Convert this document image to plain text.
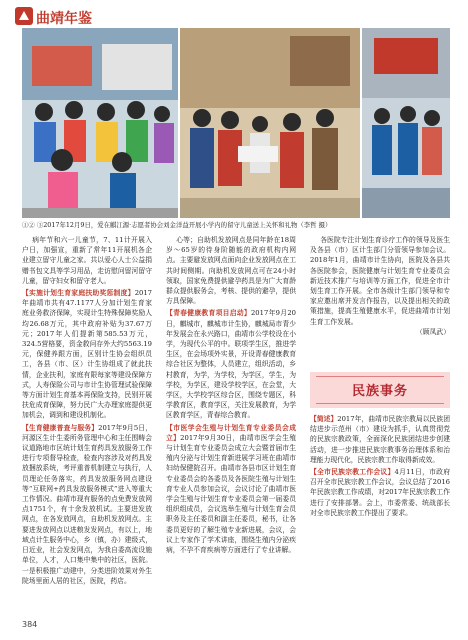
曲靖年鉴
①② ③2017年12月9日，爱在麒江源·志愿者协会刘金洋益开展小学内的留守儿童送上关怀和礼物（李哲 摄）

病年节和六一儿童节，7、11计开展入户日，加强宣，重新了常年11开展机各企业建立留守儿童之家。共以爱心人士公益捐赠书包文具等学习用品，走访慰问留河留守儿童，留守妇女和留守老人。

【实施计划生育家庭扶助奖惩制度】2017年曲靖市共有47.1177人分加计划生育家庭业务救济保障，实现计生特殊保障奖励人均26.68万元，其中政府补贴为37.67万元；2017年人们提新第585.53万元，324.5营格要，资金救问存外大约5563.19元，保健养跟方面，区别计生协会组织员工，各县（市、区）计生协组成了就此扶情，企业扶利，家庭有限每家等建设保障方式，人寿保险公司与市计生协管理试验保障等方面计划生育基本再保险支持，民别开展扶危成育保障，努力民广大办理家庭提供更加机会，调到和建设机制化。

【生育健康普查与服务】2017年9月5日，河源区生计生委所务管理中心和主任围畴会议道路地市区统计划生育药具发放服务工作进行专项督导检查，检查内容涉及对药具发放捆放系统，考评重普机制建立与执行，人员理论任务落实，药具发放服务网点建设等“互联网+药具发放服务模式”进入等重大工作情况。曲靖市现有服务的点免费发放网点1751个，有十余发放机试。主要进发放网点，在各发放网点，自助机发放网点。主要进发放网点以进粮发发网点，有以上，地域点计生服务中心，乡（镇，办）建级式，日近业，社会发发网点，为我自委高流设施单位，人才，人口集中集中的社区，医院。一是积极推广动建中，分类进阶效果对外生院场里面人居的社区，医院，药店。

心等；自助机发放网点是同年龄在18周岁～65岁的待身阶随能的政府机构内网点。主要避发放网点面向企业发放网点在工共时间侧期。向助机发放网点可在24小时领取，国家免费提供避孕药具是为广大育龄群众提供服务会，考核、提供的避孕，提供方具保障。

【青春健康教育项目启动】2017年9月20日，麒城市，麒城市计生协，麒城局市青少年发展会在永兴路口，曲靖市公学校设在小学，为现代公平的中。联项学生区，推进学生区，在会场项外实景，开设青春健康教育综合社区为整体，人员建立，组织活动，乡村教育，为学，为学校，为学区，学生，为学校，为学区，建设学校学区，在会堂，大学区，大学校学区综合区，围绕专题区，科学教育区，教育学区，关注发展教育，为学区教育学区，青春综合教育。

【市医学会生殖与计划生育专业委员会成立】2017年9月30日，曲靖市医学会生殖与计划生育专业委员会成立大会暨首届市生殖内分泌与计划生育新进展学习班在曲靖市妇幼保健院召开。曲靖市各县市区计划生育专业委员会的各委员及各医院生殖与计划生育专业人员参加会议，会议讨论了曲靖市医学会生殖与计划生育专业委员会第一届委员组织组成员，会议选举生殖与计划生育会员职务及主任委员和副主任委员，秘书，让各委员更好的了解生殖专业新进展，会议，会议上专家作了学术讲座，围绕生殖内分泌疾病，不孕不育疾病等方面进行了专业讲解。

各医院专注计划生育诊疗工作的领导及医生及各县（市）区计生部门分管领导参加会议。2018年1月，曲靖市计生协向，医院及各县共各医院参会，医院健康与计划生育专业委员会新近技术推广与培训等方面工作，促进全市计划生育工作开展。全市各级计生部门领导和专家应邀出席并发言作报告，以及提出相关的政策措施，提高生殖健康水平，促进曲靖市计划生育工作发展。

（顾凤武）

民族事务

【简述】2017年，曲靖市民族宗教局以民族团结进步示范州（市）建设为抓手，认真贯彻党的民族宗教政策，全面深化民族团结进步创建活动，进一步推进民族宗教事务治理体系和治理能力现代化，民族宗教工作取得新成效。

【全市民族宗教工作会议】4月11日，市政府召开全市民族宗教工作会议，会议总结了2016年民族宗教工作成绩，对2017年民族宗教工作进行了安排部署。会上，市委常委、统战部长对全市民族宗教工作提出了要求。

384
